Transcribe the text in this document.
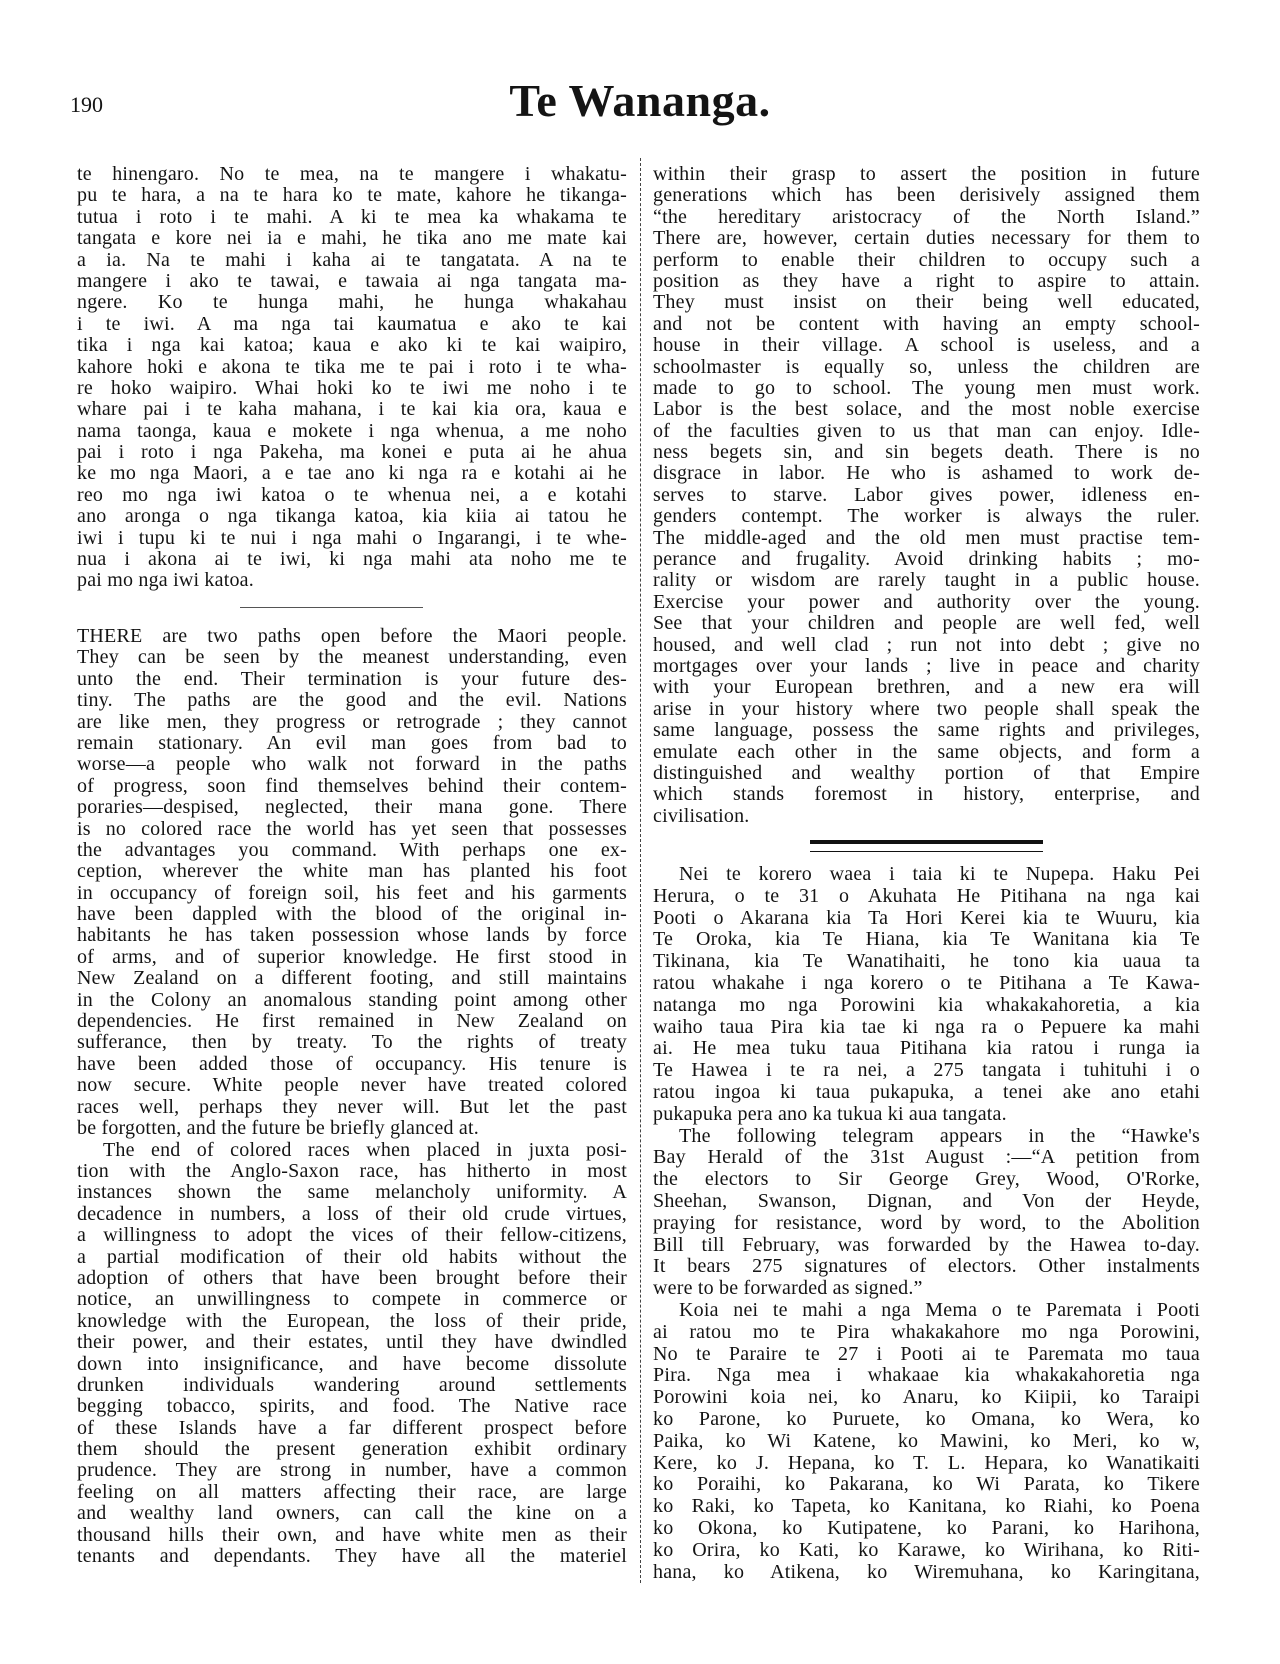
190	Te Wananga.
te hinengaro. No te mea, na te mangere i whakatu-
pu te hara, a na te hara ko te mate, kahore he tikanga-
tutua i roto i te mahi. A ki te mea ka whakama te
tangata e kore nei ia e mahi, he tika ano me mate kai
a ia. Na te mahi i kaha ai te tangatata. A na te
mangere i ako te tawai, e tawaia ai nga tangata ma-
ngere. Ko te hunga mahi, he hunga whakahau
i te iwi. A ma nga tai kaumatua e ako te kai
tika i nga kai katoa; kaua e ako ki te kai waipiro,
kahore hoki e akona te tika me te pai i roto i te wha-
re hoko waipiro. Whai hoki ko te iwi me noho i te
whare pai i te kaha mahana, i te kai kia ora, kaua e
nama taonga, kaua e mokete i nga whenua, a me noho
pai i roto i nga Pakeha, ma konei e puta ai he ahua
ke mo nga Maori, a e tae ano ki nga ra e kotahi ai he
reo mo nga iwi katoa o te whenua nei, a e kotahi
ano aronga o nga tikanga katoa, kia kiia ai tatou he
iwi i tupu ki te nui i nga mahi o Ingarangi, i te whe-
nua i akona ai te iwi, ki nga mahi ata noho me te
pai mo nga iwi katoa.
THERE are two paths open before the Maori people.
They can be seen by the meanest understanding, even
unto the end. Their termination is your future des-
tiny. The paths are the good and the evil. Nations
are like men, they progress or retrograde ; they cannot
remain stationary. An evil man goes from bad to
worse—a people who walk not forward in the paths
of progress, soon find themselves behind their contem-
poraries—despised, neglected, their mana gone. There
is no colored race the world has yet seen that possesses
the advantages you command. With perhaps one ex-
ception, wherever the white man has planted his foot
in occupancy of foreign soil, his feet and his garments
have been dappled with the blood of the original in-
habitants he has taken possession whose lands by force
of arms, and of superior knowledge. He first stood in
New Zealand on a different footing, and still maintains
in the Colony an anomalous standing point among other
dependencies. He first remained in New Zealand on
sufferance, then by treaty. To the rights of treaty
have been added those of occupancy. His tenure is
now secure. White people never have treated colored
races well, perhaps they never will. But let the past
be forgotten, and the future be briefly glanced at.
The end of colored races when placed in juxta posi-
tion with the Anglo-Saxon race, has hitherto in most
instances shown the same melancholy uniformity. A
decadence in numbers, a loss of their old crude virtues,
a willingness to adopt the vices of their fellow-citizens,
a partial modification of their old habits without the
adoption of others that have been brought before their
notice, an unwillingness to compete in commerce or
knowledge with the European, the loss of their pride,
their power, and their estates, until they have dwindled
down into insignificance, and have become dissolute
drunken individuals wandering around settlements
begging tobacco, spirits, and food. The Native race
of these Islands have a far different prospect before
them should the present generation exhibit ordinary
prudence. They are strong in number, have a common
feeling on all matters affecting their race, are large
and wealthy land owners, can call the kine on a
thousand hills their own, and have white men as their
tenants and dependants. They have all the materiel
within their grasp to assert the position in future
generations which has been derisively assigned them
“the hereditary aristocracy of the North Island.”
There are, however, certain duties necessary for them to
perform to enable their children to occupy such a
position as they have a right to aspire to attain.
They must insist on their being well educated,
and not be content with having an empty school-
house in their village. A school is useless, and a
schoolmaster is equally so, unless the children are
made to go to school. The young men must work.
Labor is the best solace, and the most noble exercise
of the faculties given to us that man can enjoy. Idle-
ness begets sin, and sin begets death. There is no
disgrace in labor. He who is ashamed to work de-
serves to starve. Labor gives power, idleness en-
genders contempt. The worker is always the ruler.
The middle-aged and the old men must practise tem-
perance and frugality. Avoid drinking habits ; mo-
rality or wisdom are rarely taught in a public house.
Exercise your power and authority over the young.
See that your children and people are well fed, well
housed, and well clad ; run not into debt ; give no
mortgages over your lands ; live in peace and charity
with your European brethren, and a new era will
arise in your history where two people shall speak the
same language, possess the same rights and privileges,
emulate each other in the same objects, and form a
distinguished and wealthy portion of that Empire
which stands foremost in history, enterprise, and
civilisation.
Nei te korero waea i taia ki te Nupepa. Haku Pei
Herura, o te 31 o Akuhata He Pitihana na nga kai
Pooti o Akarana kia Ta Hori Kerei kia te Wuuru, kia
Te Oroka, kia Te Hiana, kia Te Wanitana kia Te
Tikinana, kia Te Wanatihaiti, he tono kia uaua ta
ratou whakahe i nga korero o te Pitihana a Te Kawa-
natanga mo nga Porowini kia whakakahoretia, a kia
waiho taua Pira kia tae ki nga ra o Pepuere ka mahi
ai. He mea tuku taua Pitihana kia ratou i runga ia
Te Hawea i te ra nei, a 275 tangata i tuhituhi i o
ratou ingoa ki taua pukapuka, a tenei ake ano etahi
pukapuka pera ano ka tukua ki aua tangata.
The following telegram appears in the “Hawke's
Bay Herald of the 31st August :—“A petition from
the electors to Sir George Grey, Wood, O'Rorke,
Sheehan, Swanson, Dignan, and Von der Heyde,
praying for resistance, word by word, to the Abolition
Bill till February, was forwarded by the Hawea to-day.
It bears 275 signatures of electors. Other instalments
were to be forwarded as signed.”
Koia nei te mahi a nga Mema o te Paremata i Pooti
ai ratou mo te Pira whakakahore mo nga Porowini,
No te Paraire te 27 i Pooti ai te Paremata mo taua
Pira. Nga mea i whakaae kia whakakahoretia nga
Porowini koia nei, ko Anaru, ko Kiipii, ko Taraipi
ko Parone, ko Puruete, ko Omana, ko Wera, ko
Paika, ko Wi Katene, ko Mawini, ko Meri, ko w,
Kere, ko J. Hepana, ko T. L. Hepara, ko Wanatikaiti
ko Poraihi, ko Pakarana, ko Wi Parata, ko Tikere
ko Raki, ko Tapeta, ko Kanitana, ko Riahi, ko Poena
ko Okona, ko Kutipatene, ko Parani, ko Harihona,
ko Orira, ko Kati, ko Karawe, ko Wirihana, ko Riti-
hana, ko Atikena, ko Wiremuhana, ko Karingitana,
